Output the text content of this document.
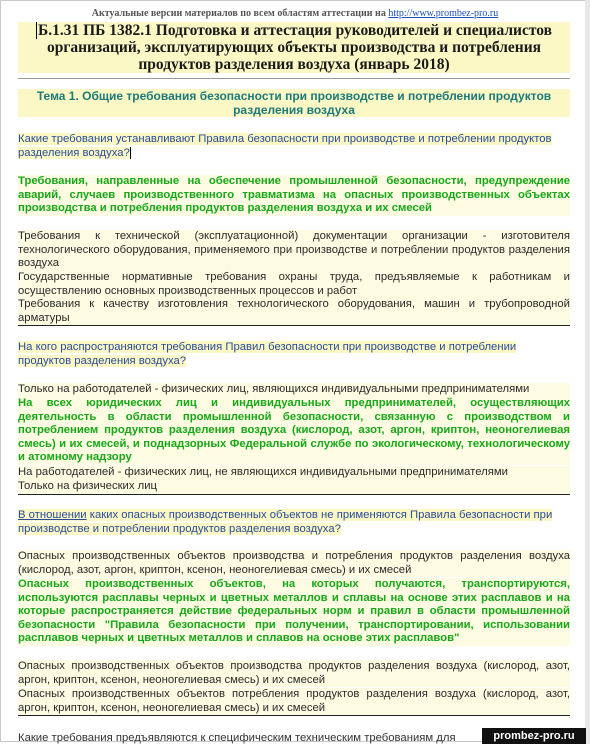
Актуальные версии материалов по всем областям аттестации на http://www.prombez-pro.ru
Б.1.31 ПБ 1382.1 Подготовка и аттестация руководителей и специалистов организаций, эксплуатирующих объекты производства и потребления продуктов разделения воздуха (январь 2018)
Тема 1. Общие требования безопасности при производстве и потреблении продуктов разделения воздуха
Какие требования устанавливают Правила безопасности при производстве и потреблении продуктов разделения воздуха?
Требования, направленные на обеспечение промышленной безопасности, предупреждение аварий, случаев производственного травматизма на опасных производственных объектах производства и потребления продуктов разделения воздуха и их смесей
Требования к технической (эксплуатационной) документации организации - изготовителя технологического оборудования, применяемого при производстве и потреблении продуктов разделения воздуха
Государственные нормативные требования охраны труда, предъявляемые к работникам и осуществлению основных производственных процессов и работ
Требования к качеству изготовления технологического оборудования, машин и трубопроводной арматуры
На кого распространяются требования Правил безопасности при производстве и потреблении продуктов разделения воздуха?
Только на работодателей - физических лиц, являющихся индивидуальными предпринимателями
На всех юридических лиц и индивидуальных предпринимателей, осуществляющих деятельность в области промышленной безопасности, связанную с производством и потреблением продуктов разделения воздуха (кислород, азот, аргон, криптон, неоногелиевая смесь) и их смесей, и поднадзорных Федеральной службе по экологическому, технологическому и атомному надзору
На работодателей - физических лиц, не являющихся индивидуальными предпринимателями
Только на физических лиц
В отношении каких опасных производственных объектов не применяются Правила безопасности при производстве и потреблении продуктов разделения воздуха?
Опасных производственных объектов производства и потребления продуктов разделения воздуха (кислород, азот, аргон, криптон, ксенон, неоногелиевая смесь) и их смесей
Опасных производственных объектов, на которых получаются, транспортируются, используются расплавы черных и цветных металлов и сплавы на основе этих расплавов и на которые распространяется действие федеральных норм и правил в области промышленной безопасности "Правила безопасности при получении, транспортировании, использовании расплавов черных и цветных металлов и сплавов на основе этих расплавов"
Опасных производственных объектов производства продуктов разделения воздуха (кислород, азот, аргон, криптон, ксенон, неоногелиевая смесь) и их смесей
Опасных производственных объектов потребления продуктов разделения воздуха (кислород, азот, аргон, криптон, ксенон, неоногелиевая смесь) и их смесей
Какие требования предъявляются к специфическим техническим требованиям для	prombez-pro.ru
